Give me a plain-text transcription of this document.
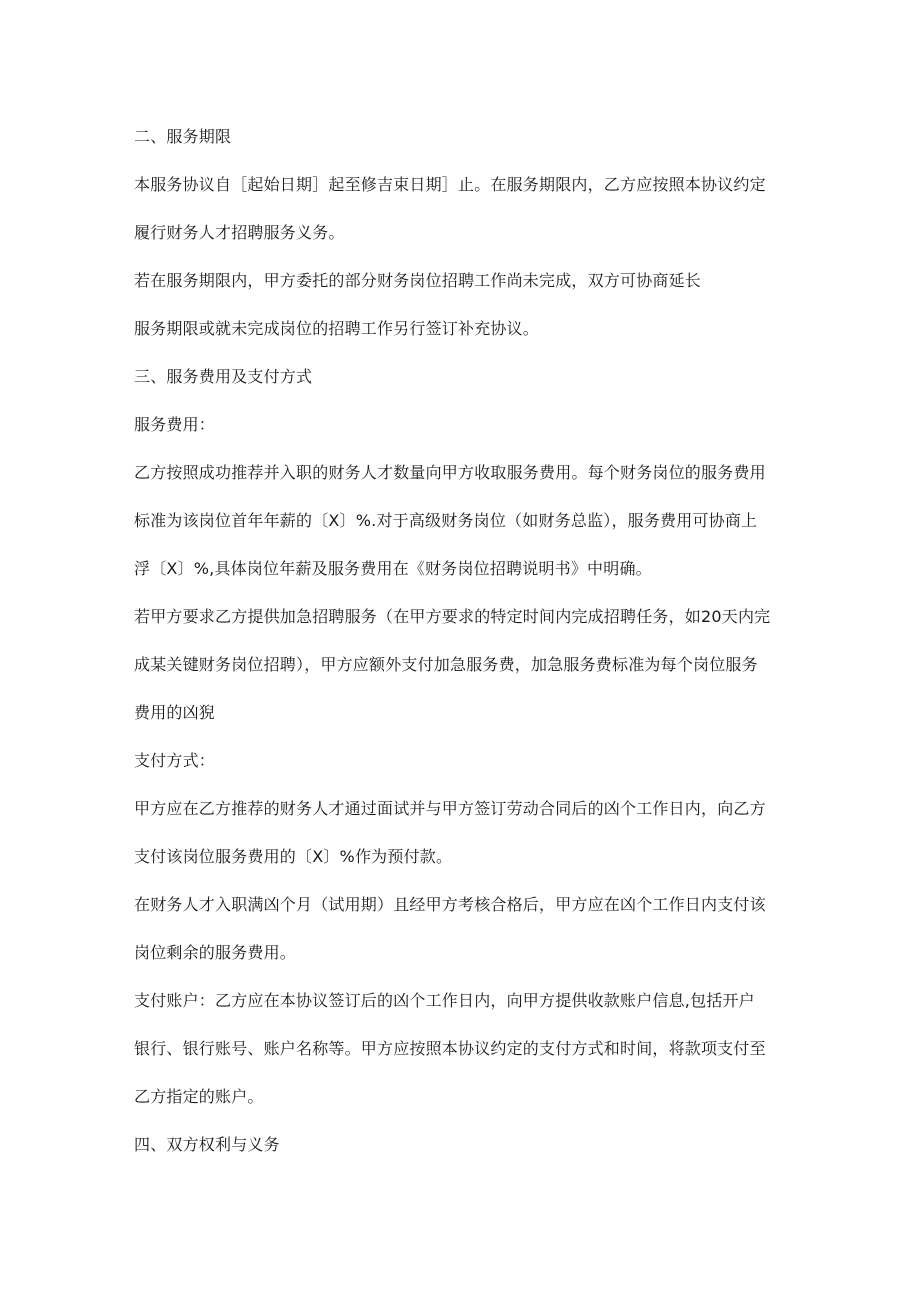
二、服务期限
本服务协议自［起始日期］起至修吉束日期］止。在服务期限内，乙方应按照本协议约定
履行财务人才招聘服务义务。
若在服务期限内，甲方委托的部分财务岗位招聘工作尚未完成，双方可协商延长
服务期限或就未完成岗位的招聘工作另行签订补充协议。
三、服务费用及支付方式
服务费用：
乙方按照成功推荐并入职的财务人才数量向甲方收取服务费用。每个财务岗位的服务费用
标准为该岗位首年年薪的〔X〕%.对于高级财务岗位（如财务总监），服务费用可协商上
浮〔X〕%,具体岗位年薪及服务费用在《财务岗位招聘说明书》中明确。
若甲方要求乙方提供加急招聘服务（在甲方要求的特定时间内完成招聘任务，如20天内完
成某关键财务岗位招聘），甲方应额外支付加急服务费，加急服务费标准为每个岗位服务
费用的凶猊
支付方式：
甲方应在乙方推荐的财务人才通过面试并与甲方签订劳动合同后的凶个工作日内，向乙方
支付该岗位服务费用的〔X〕%作为预付款。
在财务人才入职满凶个月（试用期）且经甲方考核合格后，甲方应在凶个工作日内支付该
岗位剩余的服务费用。
支付账户：乙方应在本协议签订后的凶个工作日内，向甲方提供收款账户信息,包括开户
银行、银行账号、账户名称等。甲方应按照本协议约定的支付方式和时间，将款项支付至
乙方指定的账户。
四、双方权利与义务
